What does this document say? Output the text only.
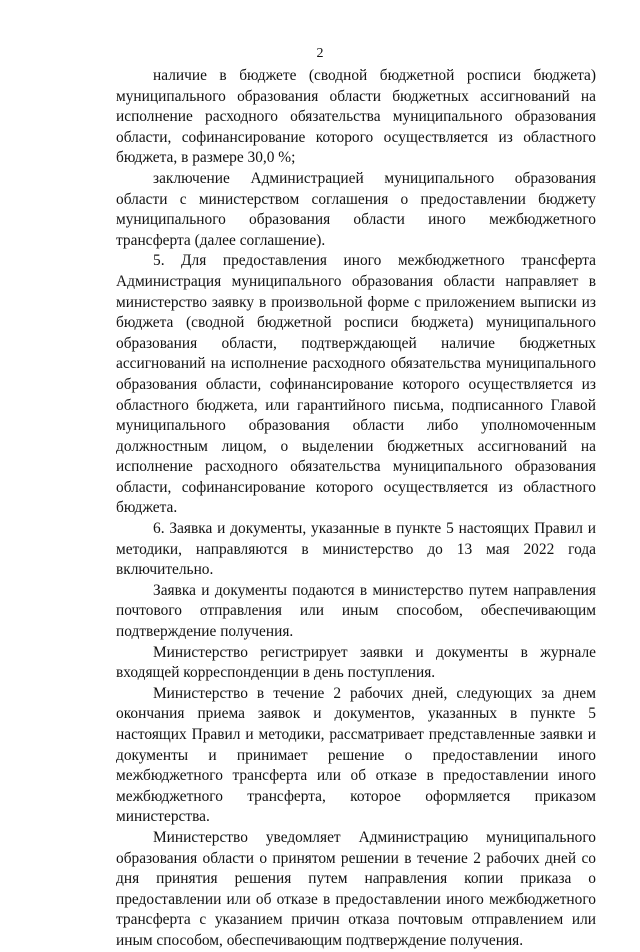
2

наличие в бюджете (сводной бюджетной росписи бюджета) муниципального образования области бюджетных ассигнований на исполнение расходного обязательства муниципального образования области, софинансирование которого осуществляется из областного бюджета, в размере 30,0 %;

заключение Администрацией муниципального образования области с министерством соглашения о предоставлении бюджету муниципального образования области иного межбюджетного трансферта (далее соглашение).

5. Для предоставления иного межбюджетного трансферта Администрация муниципального образования области направляет в министерство заявку в произвольной форме с приложением выписки из бюджета (сводной бюджетной росписи бюджета) муниципального образования области, подтверждающей наличие бюджетных ассигнований на исполнение расходного обязательства муниципального образования области, софинансирование которого осуществляется из областного бюджета, или гарантийного письма, подписанного Главой муниципального образования области либо уполномоченным должностным лицом, о выделении бюджетных ассигнований на исполнение расходного обязательства муниципального образования области, софинансирование которого осуществляется из областного бюджета.

6. Заявка и документы, указанные в пункте 5 настоящих Правил и методики, направляются в министерство до 13 мая 2022 года включительно.

Заявка и документы подаются в министерство путем направления почтового отправления или иным способом, обеспечивающим подтверждение получения.

Министерство регистрирует заявки и документы в журнале входящей корреспонденции в день поступления.

Министерство в течение 2 рабочих дней, следующих за днем окончания приема заявок и документов, указанных в пункте 5 настоящих Правил и методики, рассматривает представленные заявки и документы и принимает решение о предоставлении иного межбюджетного трансферта или об отказе в предоставлении иного межбюджетного трансферта, которое оформляется приказом министерства.

Министерство уведомляет Администрацию муниципального образования области о принятом решении в течение 2 рабочих дней со дня принятия решения путем направления копии приказа о предоставлении или об отказе в предоставлении иного межбюджетного трансферта с указанием причин отказа почтовым отправлением или иным способом, обеспечивающим подтверждение получения.
